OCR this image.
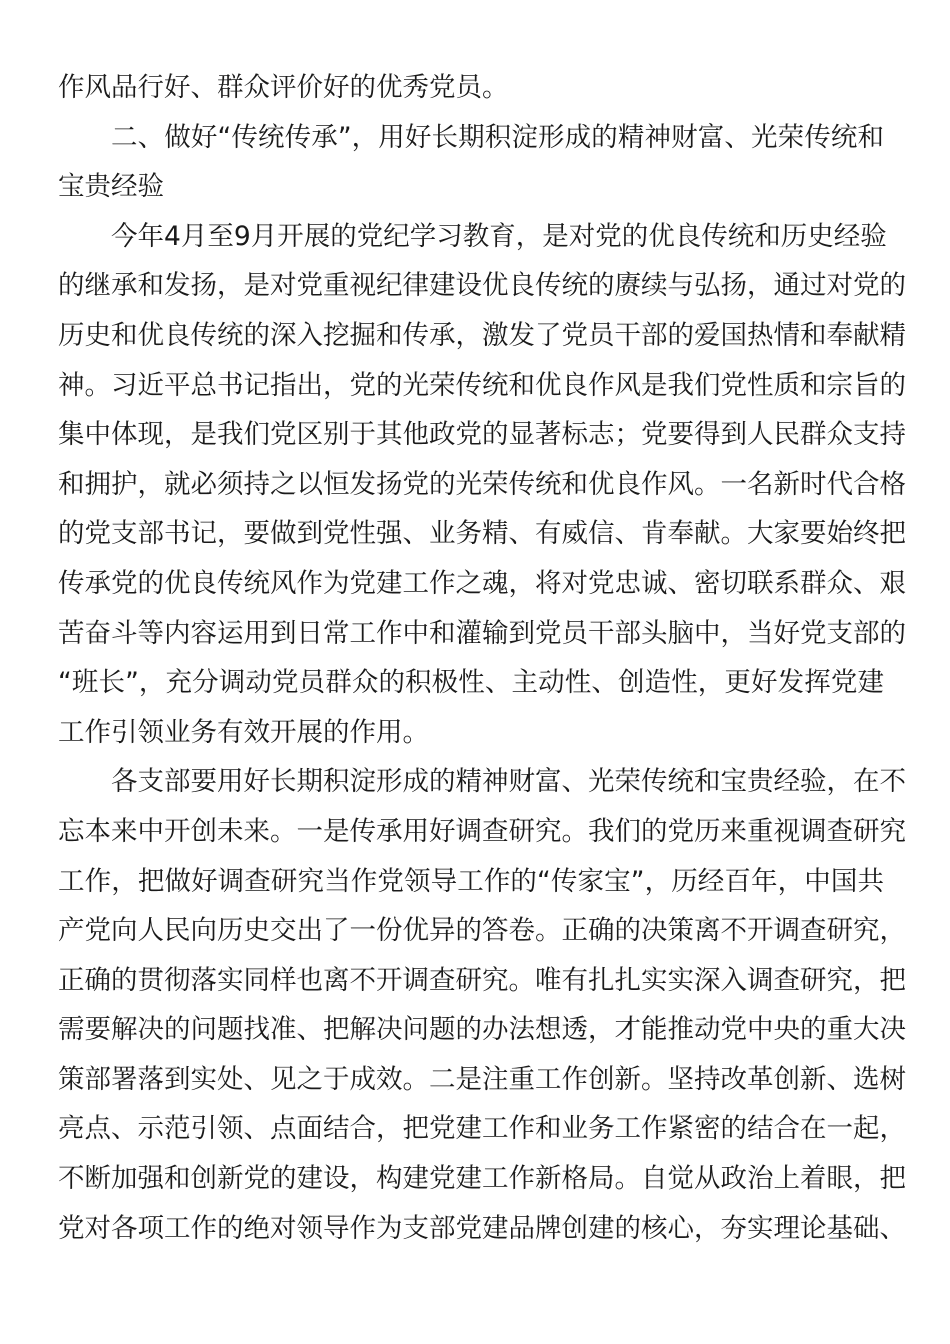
作风品行好、群众评价好的优秀党员。
二、做好“传统传承”，用好长期积淀形成的精神财富、光荣传统和
宝贵经验
今年4月至9月开展的党纪学习教育，是对党的优良传统和历史经验
的继承和发扬，是对党重视纪律建设优良传统的赓续与弘扬，通过对党的
历史和优良传统的深入挖掘和传承，激发了党员干部的爱国热情和奉献精
神。习近平总书记指出，党的光荣传统和优良作风是我们党性质和宗旨的
集中体现，是我们党区别于其他政党的显著标志；党要得到人民群众支持
和拥护，就必须持之以恒发扬党的光荣传统和优良作风。一名新时代合格
的党支部书记，要做到党性强、业务精、有威信、肯奉献。大家要始终把
传承党的优良传统风作为党建工作之魂，将对党忠诚、密切联系群众、艰
苦奋斗等内容运用到日常工作中和灌输到党员干部头脑中，当好党支部的
“班长”，充分调动党员群众的积极性、主动性、创造性，更好发挥党建
工作引领业务有效开展的作用。
各支部要用好长期积淀形成的精神财富、光荣传统和宝贵经验，在不
忘本来中开创未来。一是传承用好调查研究。我们的党历来重视调查研究
工作，把做好调查研究当作党领导工作的“传家宝”，历经百年，中国共
产党向人民向历史交出了一份优异的答卷。正确的决策离不开调查研究，
正确的贯彻落实同样也离不开调查研究。唯有扎扎实实深入调查研究，把
需要解决的问题找准、把解决问题的办法想透，才能推动党中央的重大决
策部署落到实处、见之于成效。二是注重工作创新。坚持改革创新、选树
亮点、示范引领、点面结合，把党建工作和业务工作紧密的结合在一起，
不断加强和创新党的建设，构建党建工作新格局。自觉从政治上着眼，把
党对各项工作的绝对领导作为支部党建品牌创建的核心，夯实理论基础、
